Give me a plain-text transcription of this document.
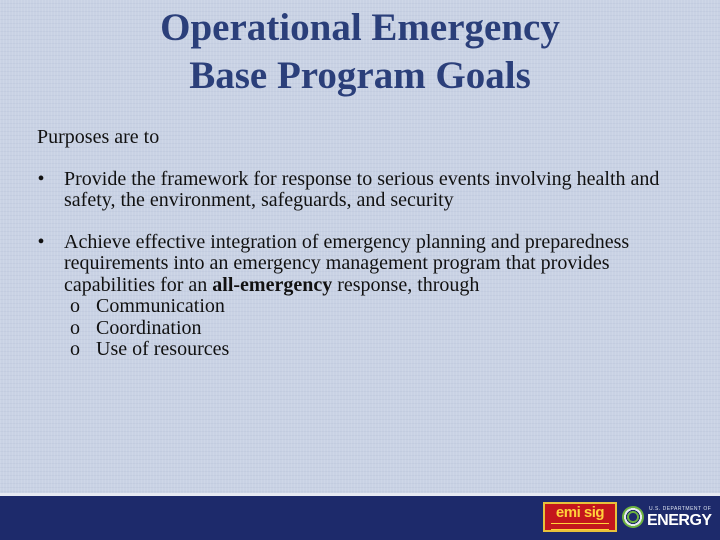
Operational Emergency
Base Program Goals

Purposes are to

• Provide the framework for response to serious events involving health and safety, the environment, safeguards, and security
• Achieve effective integration of emergency planning and preparedness requirements into an emergency management program that provides capabilities for an all-emergency response, through
o Communication
o Coordination
o Use of resources
emi sig	U.S. DEPARTMENT OF
ENERGY
